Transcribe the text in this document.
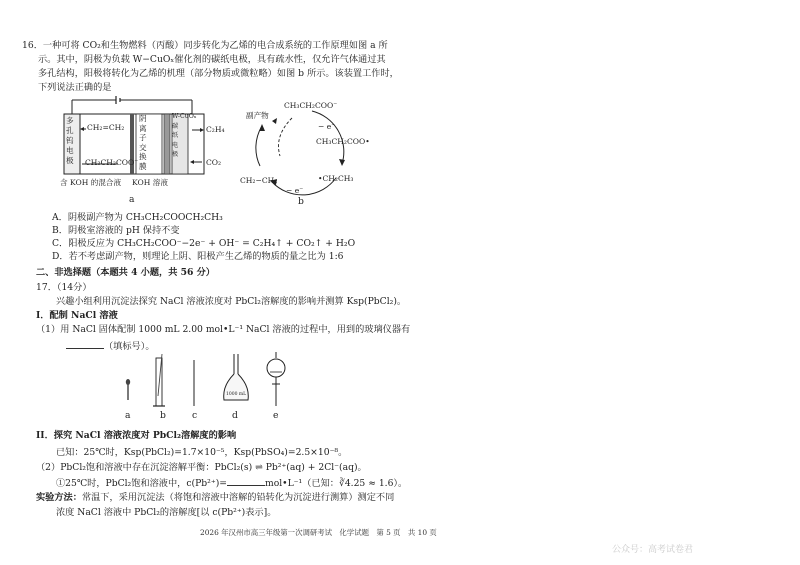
16．一种可将 CO₂和生物燃料（丙酸）同步转化为乙烯的电合成系统的工作原理如图 a 所
示。其中，阴极为负载 W−CuOₓ催化剂的碳纸电极，具有疏水性，仅允许气体通过其
多孔结构，阳极将转化为乙烯的机理（部分物质或微粒略）如图 b 所示。该装置工作时，
下列说法正确的是
多
孔
钨
电
极
CH₂=CH₂
CH₃CH₂COO⁻
阴
离
子
交
换
膜
W-CuOₓ
碳
纸
电
极
C₂H₄
CO₂
含 KOH 的混合液 KOH 溶液
a
CH₃CH₂COO⁻
副产物
− e⁻
CH₃CH₂COO•
CH₂−CH₂	•CH₂CH₃
− e⁻
b
A．阴极副产物为 CH₃CH₂COOCH₂CH₃
B．阴极室溶液的 pH 保持不变
C．阳极反应为 CH₃CH₂COO⁻−2e⁻ + OH⁻ = C₂H₄↑ + CO₂↑ + H₂O
D．若不考虑副产物，则理论上阴、阳极产生乙烯的物质的量之比为 1:6
二、非选择题（本题共 4 小题，共 56 分）
17．（14分）
兴趣小组利用沉淀法探究 NaCl 溶液浓度对 PbCl₂溶解度的影响并测算 Ksp(PbCl₂)。
I．配制 NaCl 溶液
（1）用 NaCl 固体配制 1000 mL 2.00 mol•L⁻¹ NaCl 溶液的过程中，用到的玻璃仪器有
（填标号）。
1000 mL
a	b	c	d	e
II．探究 NaCl 溶液浓度对 PbCl₂溶解度的影响
已知：25℃时，Ksp(PbCl₂)=1.7×10⁻⁵，Ksp(PbSO₄)=2.5×10⁻⁸。
（2）PbCl₂饱和溶液中存在沉淀溶解平衡：PbCl₂(s) ⇌ Pb²⁺(aq) + 2Cl⁻(aq)。
①25℃时，PbCl₂饱和溶液中，c(Pb²⁺)=	mol•L⁻¹（已知：∛4.25 ≈ 1.6）。
实验方法：常温下，采用沉淀法（将饱和溶液中溶解的铅转化为沉淀进行测算）测定不同
浓度 NaCl 溶液中 PbCl₂的溶解度[以 c(Pb²⁺)表示]。
2026 年汉州市高三年级第一次调研考试　化学试题　第 5 页　共 10 页
公众号：高考试卷君
